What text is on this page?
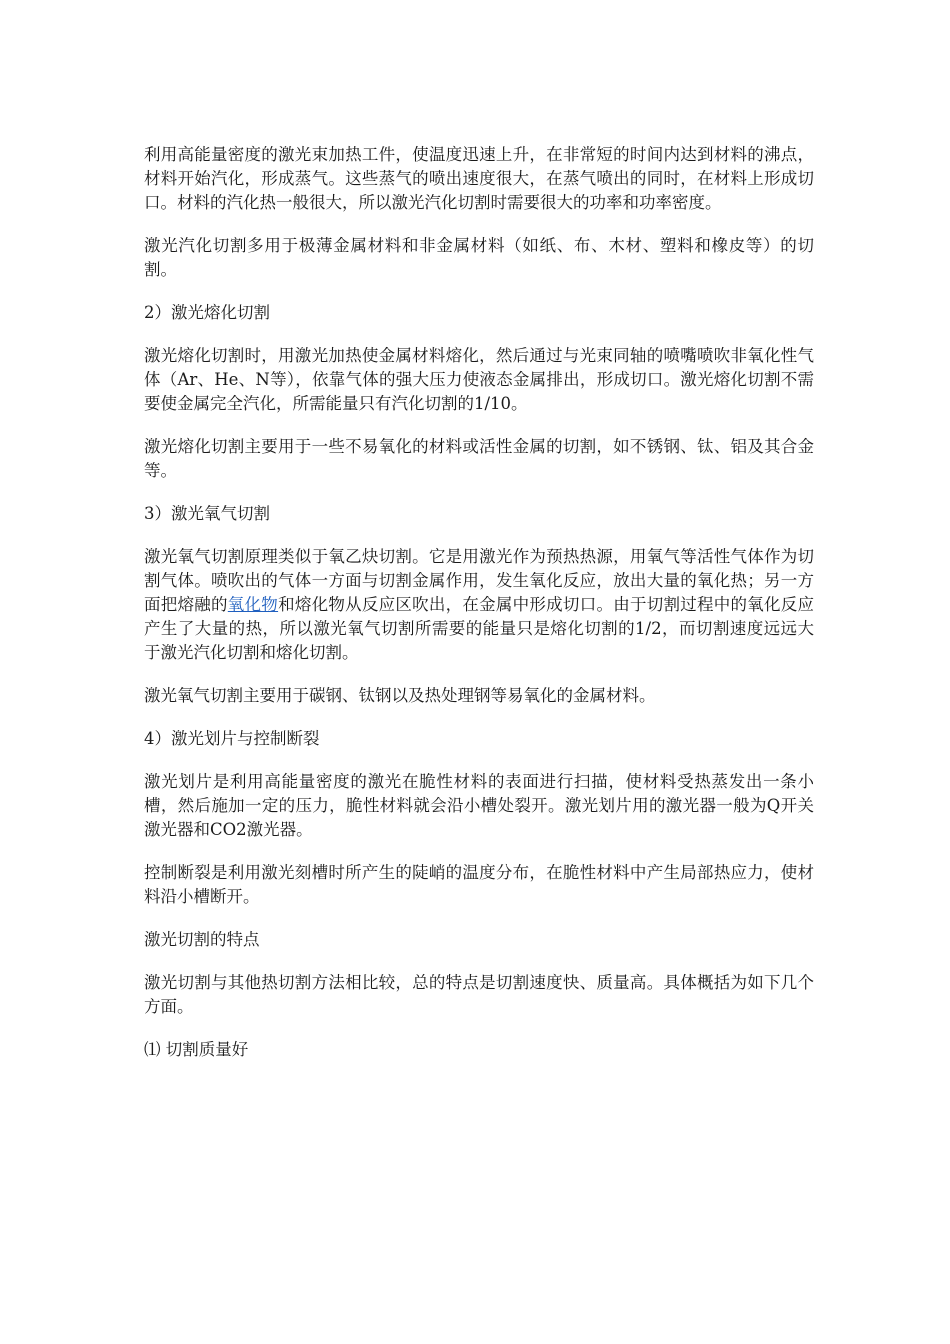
利用高能量密度的激光束加热工件，使温度迅速上升，在非常短的时间内达到材料的沸点，材料开始汽化，形成蒸气。这些蒸气的喷出速度很大，在蒸气喷出的同时，在材料上形成切口。材料的汽化热一般很大，所以激光汽化切割时需要很大的功率和功率密度。

激光汽化切割多用于极薄金属材料和非金属材料（如纸、布、木材、塑料和橡皮等）的切割。

2）激光熔化切割

激光熔化切割时，用激光加热使金属材料熔化，然后通过与光束同轴的喷嘴喷吹非氧化性气体（Ar、He、N等），依靠气体的强大压力使液态金属排出，形成切口。激光熔化切割不需要使金属完全汽化，所需能量只有汽化切割的1/10。

激光熔化切割主要用于一些不易氧化的材料或活性金属的切割，如不锈钢、钛、铝及其合金等。

3）激光氧气切割

激光氧气切割原理类似于氧乙炔切割。它是用激光作为预热热源，用氧气等活性气体作为切割气体。喷吹出的气体一方面与切割金属作用，发生氧化反应，放出大量的氧化热；另一方面把熔融的氧化物和熔化物从反应区吹出，在金属中形成切口。由于切割过程中的氧化反应产生了大量的热，所以激光氧气切割所需要的能量只是熔化切割的1/2，而切割速度远远大于激光汽化切割和熔化切割。

激光氧气切割主要用于碳钢、钛钢以及热处理钢等易氧化的金属材料。

4）激光划片与控制断裂

激光划片是利用高能量密度的激光在脆性材料的表面进行扫描，使材料受热蒸发出一条小槽，然后施加一定的压力，脆性材料就会沿小槽处裂开。激光划片用的激光器一般为Q开关激光器和CO2激光器。

控制断裂是利用激光刻槽时所产生的陡峭的温度分布，在脆性材料中产生局部热应力，使材料沿小槽断开。

激光切割的特点

激光切割与其他热切割方法相比较，总的特点是切割速度快、质量高。具体概括为如下几个方面。

⑴ 切割质量好
